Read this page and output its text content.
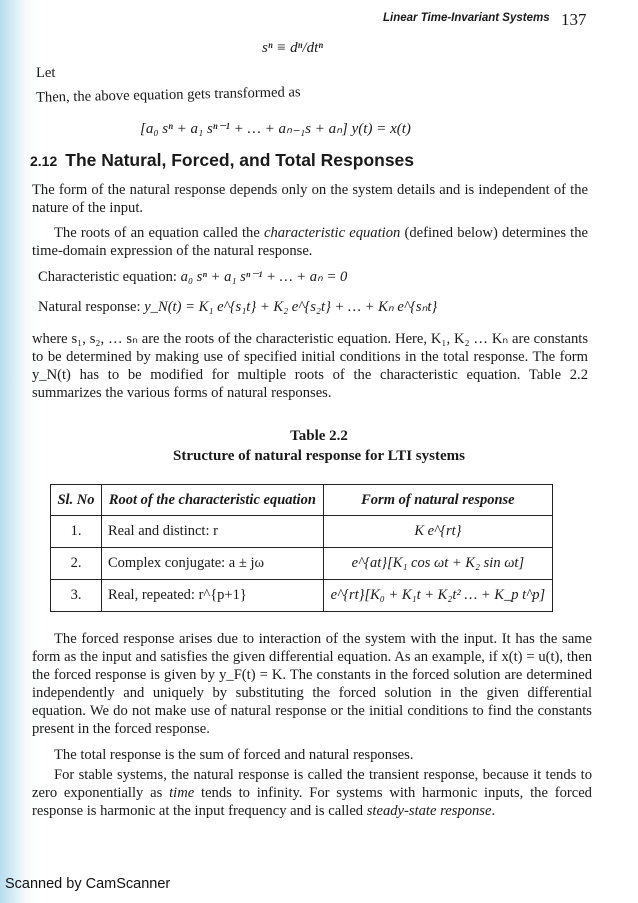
Linear Time-Invariant Systems 137
sⁿ ≡ dⁿ/dtⁿ
Let
Then, the above equation gets transformed as
[a₀ sⁿ + a₁ sⁿ⁻¹ + … + aₙ₋₁s + aₙ] y(t) = x(t)
2.12 The Natural, Forced, and Total Responses
The form of the natural response depends only on the system details and is independent of the nature of the input.
The roots of an equation called the characteristic equation (defined below) determines the time-domain expression of the natural response.
Characteristic equation: a₀ sⁿ + a₁ sⁿ⁻¹ + … + aₙ = 0
Natural response: y_N(t) = K₁ e^{s₁t} + K₂ e^{s₂t} + … + Kₙ e^{sₙt}
where s₁, s₂, … sₙ are the roots of the characteristic equation. Here, K₁, K₂ … Kₙ are constants to be determined by making use of specified initial conditions in the total response. The form y_N(t) has to be modified for multiple roots of the characteristic equation. Table 2.2 summarizes the various forms of natural responses.
Table 2.2
Structure of natural response for LTI systems
Sl. No	Root of the characteristic equation	Form of natural response
1.	Real and distinct: r	K e^{rt}
2.	Complex conjugate: a ± jω	e^{at}[K₁ cos ωt + K₂ sin ωt]
3.	Real, repeated: r^{p+1}	e^{rt}[K₀ + K₁t + K₂t² … + K_p t^p]
The forced response arises due to interaction of the system with the input. It has the same form as the input and satisfies the given differential equation. As an example, if x(t) = u(t), then the forced response is given by y_F(t) = K. The constants in the forced solution are determined independently and uniquely by substituting the forced solution in the given differential equation. We do not make use of natural response or the initial conditions to find the constants present in the forced response.
The total response is the sum of forced and natural responses.
For stable systems, the natural response is called the transient response, because it tends to zero exponentially as time tends to infinity. For systems with harmonic inputs, the forced response is harmonic at the input frequency and is called steady-state response.
Scanned by CamScanner
